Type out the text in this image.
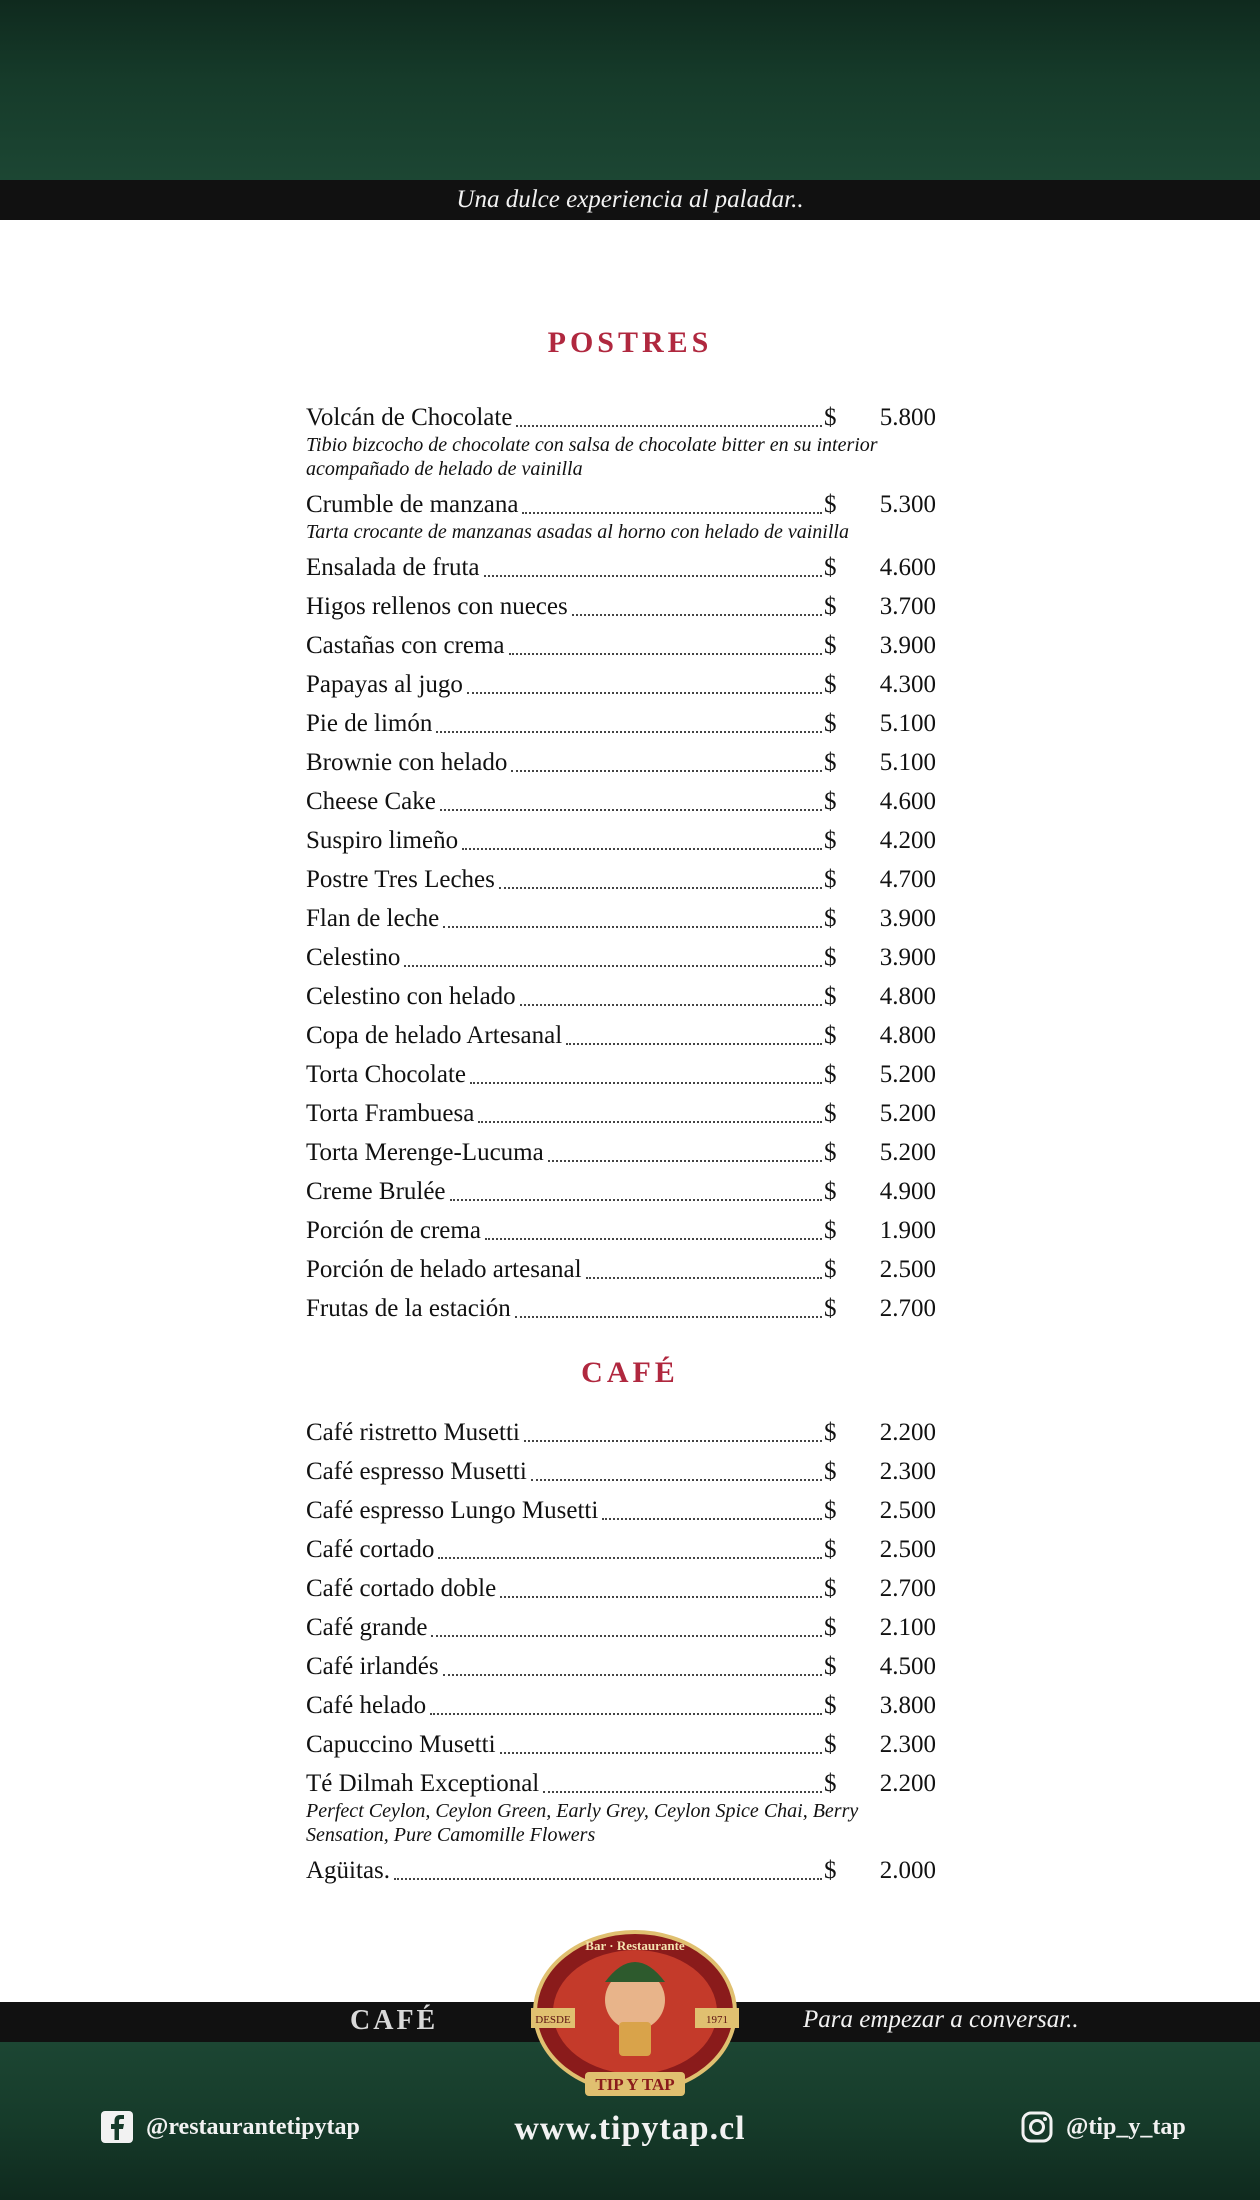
Una dulce experiencia al paladar..
POSTRES
Volcán de Chocolate	$	5.800
Tibio bizcocho de chocolate con salsa de chocolate bitter en su interior acompañado de helado de vainilla
Crumble de manzana	$	5.300
Tarta crocante de manzanas asadas al horno con helado de vainilla
Ensalada de fruta	$	4.600
Higos rellenos con nueces	$	3.700
Castañas con crema	$	3.900
Papayas al jugo	$	4.300
Pie de limón	$	5.100
Brownie con helado	$	5.100
Cheese Cake	$	4.600
Suspiro limeño	$	4.200
Postre Tres Leches	$	4.700
Flan de leche	$	3.900
Celestino	$	3.900
Celestino con helado	$	4.800
Copa de helado Artesanal	$	4.800
Torta Chocolate	$	5.200
Torta Frambuesa	$	5.200
Torta Merenge-Lucuma	$	5.200
Creme Brulée	$	4.900
Porción de crema	$	1.900
Porción de helado artesanal	$	2.500
Frutas de la estación	$	2.700
CAFÉ
Café ristretto Musetti	$	2.200
Café espresso Musetti	$	2.300
Café espresso Lungo Musetti	$	2.500
Café cortado	$	2.500
Café cortado doble	$	2.700
Café grande	$	2.100
Café irlandés	$	4.500
Café helado	$	3.800
Capuccino Musetti	$	2.300
Té Dilmah Exceptional	$	2.200
Perfect Ceylon, Ceylon Green, Early Grey, Ceylon Spice Chai, Berry Sensation, Pure Camomille Flowers
Agüitas.	$	2.000
CAFÉ	Para empezar a conversar..
DESDE	1971
Bar · Restaurante
TIP Y TAP
@restaurantetipytap	www.tipytap.cl	@tip_y_tap
